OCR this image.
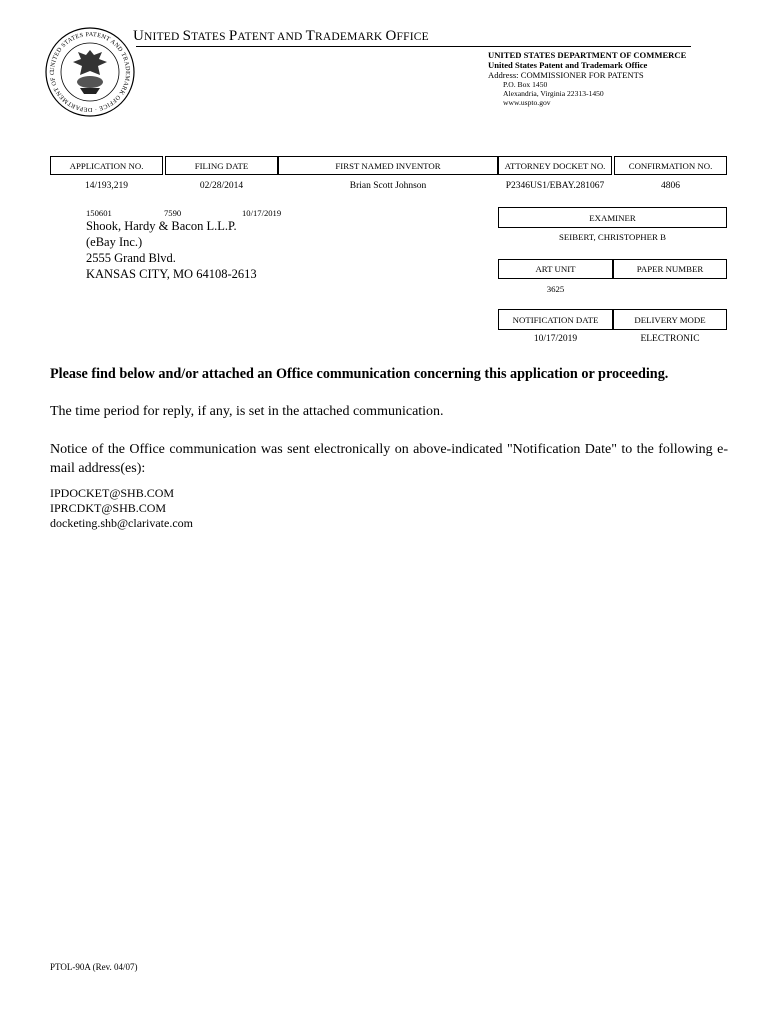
UNITED STATES PATENT AND TRADEMARK OFFICE · DEPARTMENT OF C
UNITED STATES PATENT AND TRADEMARK OFFICE
UNITED STATES DEPARTMENT OF COMMERCE
United States Patent and Trademark Office
Address: COMMISSIONER FOR PATENTS
P.O. Box 1450
Alexandria, Virginia 22313-1450
www.uspto.gov
APPLICATION NO.	FILING DATE	FIRST NAMED INVENTOR	ATTORNEY DOCKET NO.	CONFIRMATION NO.
14/193,219	02/28/2014	Brian Scott Johnson	P2346US1/EBAY.281067	4806
150601	7590	10/17/2019
Shook, Hardy & Bacon L.L.P.
(eBay Inc.)
2555 Grand Blvd.
KANSAS CITY, MO 64108-2613
EXAMINER
SEIBERT, CHRISTOPHER B
ART UNIT	PAPER NUMBER
3625
NOTIFICATION DATE	DELIVERY MODE
10/17/2019	ELECTRONIC
Please find below and/or attached an Office communication concerning this application or proceeding.
The time period for reply, if any, is set in the attached communication.
Notice of the Office communication was sent electronically on above-indicated "Notification Date" to the following e-mail address(es):
IPDOCKET@SHB.COM
IPRCDKT@SHB.COM
docketing.shb@clarivate.com
PTOL-90A (Rev. 04/07)
